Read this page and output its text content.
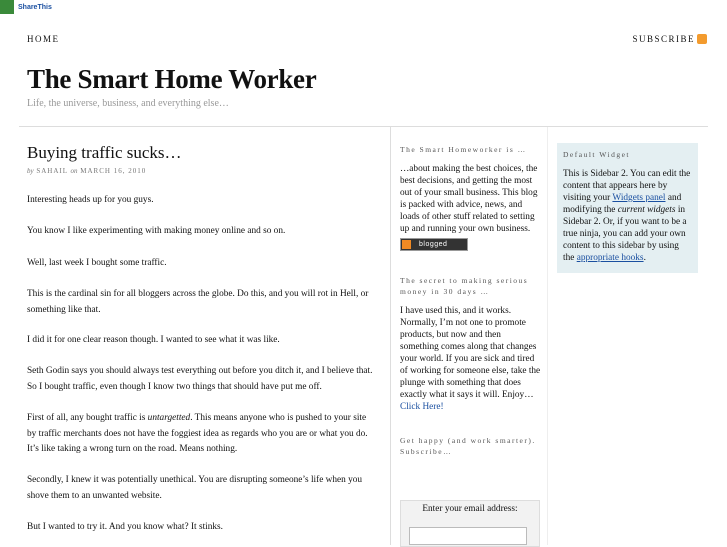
ShareThis
HOME	SUBSCRIBE
The Smart Home Worker
Life, the universe, business, and everything else…
Buying traffic sucks…
by SAHAIL on MARCH 16, 2010

Interesting heads up for you guys.

You know I like experimenting with making money online and so on.

Well, last week I bought some traffic.

This is the cardinal sin for all bloggers across the globe. Do this, and you will rot in Hell, or something like that.

I did it for one clear reason though. I wanted to see what it was like.

Seth Godin says you should always test everything out before you ditch it, and I believe that. So I bought traffic, even though I know two things that should have put me off.

First of all, any bought traffic is untargetted. This means anyone who is pushed to your site by traffic merchants does not have the foggiest idea as regards who you are or what you do. It’s like taking a wrong turn on the road. Means nothing.

Secondly, I knew it was potentially unethical. You are disrupting someone’s life when you shove them to an unwanted website.

But I wanted to try it. And you know what? It stinks.

The Smart Homeworker is …
…about making the best choices, the best decisions, and getting the most out of your small business. This blog is packed with advice, news, and loads of other stuff related to setting up and running your own business.
blogged
The secret to making serious money in 30 days …
I have used this, and it works. Normally, I’m not one to promote products, but now and then something comes along that changes your world. If you are sick and tired of working for someone else, take the plunge with something that does exactly what it says it will. Enjoy… Click Here!
Get happy (and work smarter). Subscribe…
Enter your email address:
Default Widget
This is Sidebar 2. You can edit the content that appears here by visiting your Widgets panel and modifying the current widgets in Sidebar 2. Or, if you want to be a true ninja, you can add your own content to this sidebar by using the appropriate hooks.
